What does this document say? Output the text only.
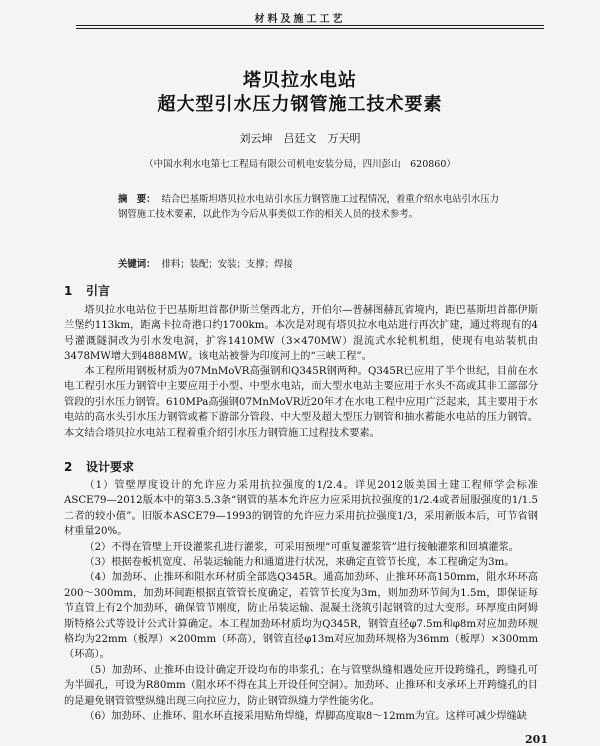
材料及施工工艺
塔贝拉水电站
超大型引水压力钢管施工技术要素
刘云坤　吕廷文　万天明
（中国水利水电第七工程局有限公司机电安装分局，四川彭山　620860）
摘　要： 结合巴基斯坦塔贝拉水电站引水压力钢管施工过程情况，着重介绍水电站引水压力钢管施工技术要素，以此作为今后从事类似工作的相关人员的技术参考。
关键词： 排料；装配；安装；支撑；焊接
1 引言

塔贝拉水电站位于巴基斯坦首都伊斯兰堡西北方，开伯尔—普赫图赫瓦省境内，距巴基斯坦首都伊斯兰堡约113km，距离卡拉奇港口约1700km。本次是对现有塔贝拉水电站进行再次扩建，通过将现有的4号灌溉隧洞改为引水发电洞，扩容1410MW（3×470MW）混流式水轮机机组，使现有电站装机由3478MW增大到4888MW。该电站被誉为印度河上的“三峡工程”。

本工程所用钢板材质为07MnMoVR高强钢和Q345R钢两种。Q345R已应用了半个世纪，目前在水电工程引水压力钢管中主要应用于小型、中型水电站，而大型水电站主要应用于水头不高或其非工部部分管段的引水压力钢管。610MPa高强钢07MnMoVR近20年才在水电工程中应用广泛起来，其主要用于水电站的高水头引水压力钢管或蓄下游部分管段、中大型及超大型压力钢管和抽水蓄能水电站的压力钢管。本文结合塔贝拉水电站工程着重介绍引水压力钢管施工过程技术要素。

2 设计要求
（1）管壁厚度设计的允许应力采用抗拉强度的1/2.4。详见2012版美国土建工程师学会标准ASCE79—2012版本中的第3.5.3条“钢管的基本允许应力应采用抗拉强度的1/2.4或者屈服强度的1/1.5二者的较小值”。旧版本ASCE79—1993的钢管的允许应力采用抗拉强度1/3，采用新版本后，可节省钢材重量20%。
（2）不得在管壁上开设灌浆孔进行灌浆，可采用预埋“可重复灌浆管”进行接触灌浆和回填灌浆。
（3）根据卷板机宽度、吊装运输能力和通道进行状况，来确定直管节长度，本工程确定为3m。
（4）加劲环、止推环和阻水环材质全部选Q345R。通高加劲环、止推环环高150mm，阻水环环高200～300mm，加劲环间距根据直管管长度确定，若管节长度为3m，则加劲环节间为1.5m，即保证每节直管上有2个加劲环，确保管节刚度，防止吊装运输、混凝土浇筑引起钢管的过大变形。环厚度由阿姆斯特格公式等设计公式计算确定。本工程加劲环材质均为Q345R，钢管直径φ7.5m和φ8m对应加劲环规格均为22mm（板厚）×200mm（环高），钢管直径φ13m对应加劲环规格为36mm（板厚）×300mm（环高）。
（5）加劲环、止推环由设计确定开设均布的串浆孔；在与管壁纵缝相遇处应开设跨缝孔，跨缝孔可为半圆孔，可设为R80mm（阻水环不得在其上开设任何空洞）。加劲环、止推环和支承环上开跨缝孔的目的是避免钢管管壁纵缝出现三向拉应力，防止钢管纵缝力学性能劣化。
（6）加劲环、止推环、阻水环直接采用贴角焊缝，焊脚高度取8～12mm为宜。这样可减少焊缝缺
201
